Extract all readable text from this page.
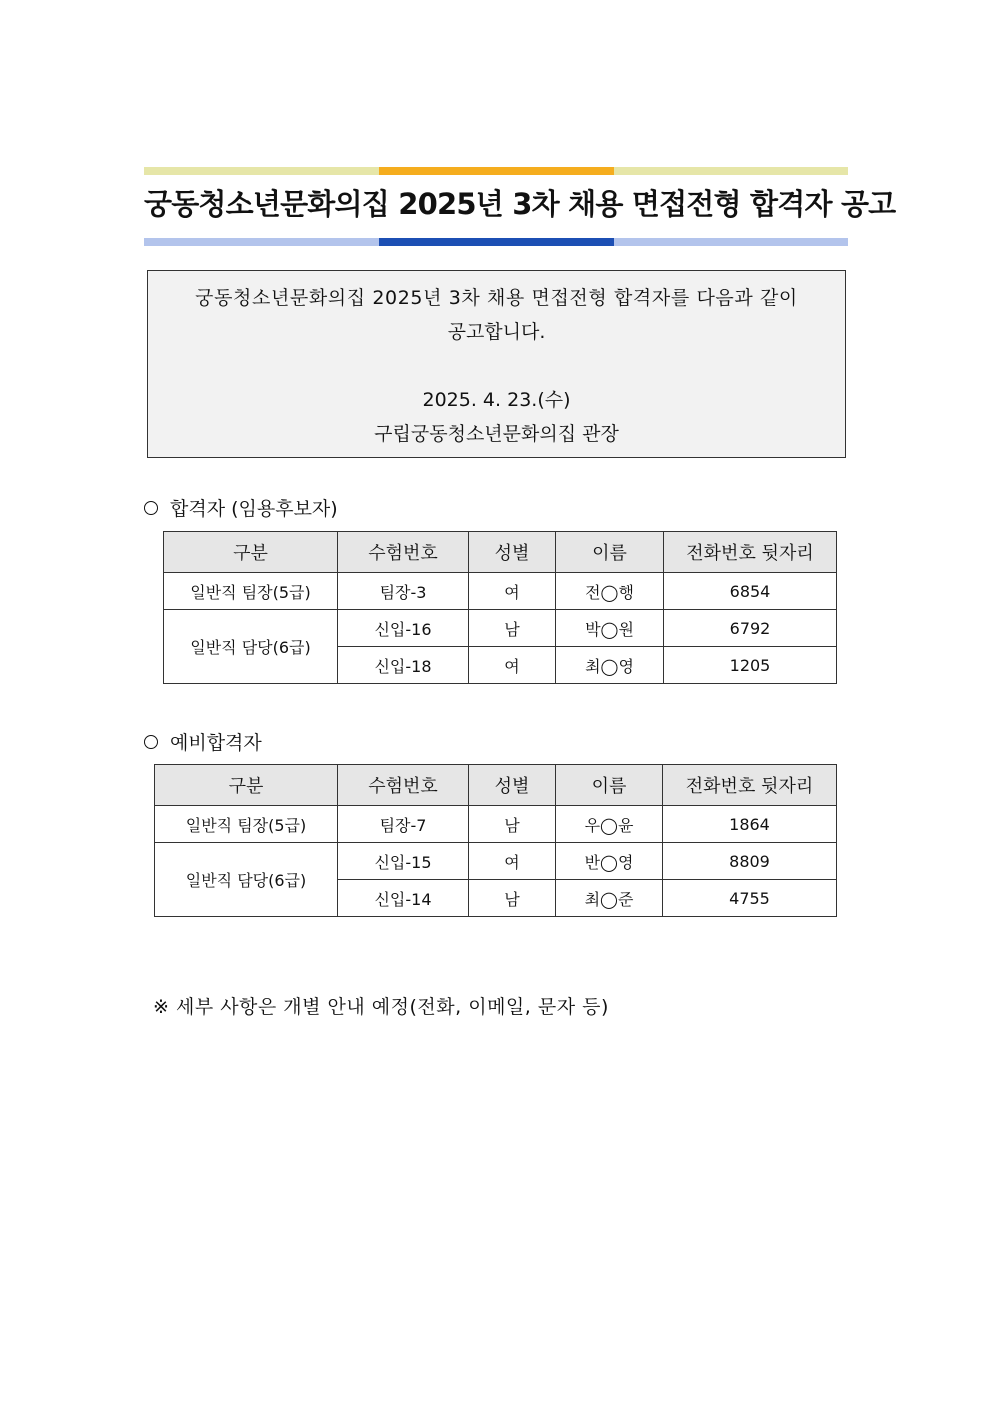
궁동청소년문화의집 2025년 3차 채용 면접전형 합격자 공고
궁동청소년문화의집 2025년 3차 채용 면접전형 합격자를 다음과 같이
공고합니다.
2025. 4. 23.(수)
구립궁동청소년문화의집 관장
합격자 (임용후보자)
구분	수험번호	성별	이름	전화번호 뒷자리
일반직 팀장(5급)	팀장-3	여	전◯행	6854
일반직 담당(6급)	신입-16	남	박◯원	6792
	신입-18	여	최◯영	1205
예비합격자
구분	수험번호	성별	이름	전화번호 뒷자리
일반직 팀장(5급)	팀장-7	남	우◯윤	1864
일반직 담당(6급)	신입-15	여	반◯영	8809
	신입-14	남	최◯준	4755
※ 세부 사항은 개별 안내 예정(전화, 이메일, 문자 등)
